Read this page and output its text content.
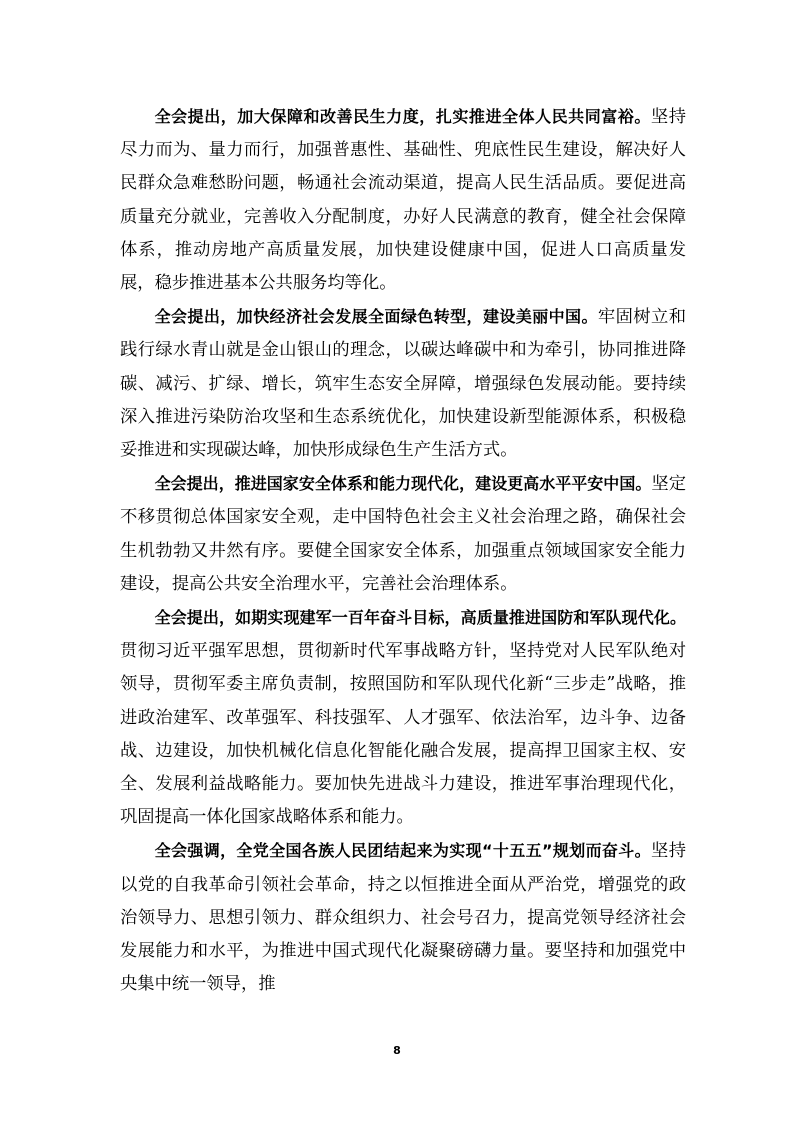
全会提出，加大保障和改善民生力度，扎实推进全体人民共同富裕。坚持尽力而为、量力而行，加强普惠性、基础性、兜底性民生建设，解决好人民群众急难愁盼问题，畅通社会流动渠道，提高人民生活品质。要促进高质量充分就业，完善收入分配制度，办好人民满意的教育，健全社会保障体系，推动房地产高质量发展，加快建设健康中国，促进人口高质量发展，稳步推进基本公共服务均等化。

全会提出，加快经济社会发展全面绿色转型，建设美丽中国。牢固树立和践行绿水青山就是金山银山的理念，以碳达峰碳中和为牵引，协同推进降碳、减污、扩绿、增长，筑牢生态安全屏障，增强绿色发展动能。要持续深入推进污染防治攻坚和生态系统优化，加快建设新型能源体系，积极稳妥推进和实现碳达峰，加快形成绿色生产生活方式。

全会提出，推进国家安全体系和能力现代化，建设更高水平平安中国。坚定不移贯彻总体国家安全观，走中国特色社会主义社会治理之路，确保社会生机勃勃又井然有序。要健全国家安全体系，加强重点领域国家安全能力建设，提高公共安全治理水平，完善社会治理体系。

全会提出，如期实现建军一百年奋斗目标，高质量推进国防和军队现代化。贯彻习近平强军思想，贯彻新时代军事战略方针，坚持党对人民军队绝对领导，贯彻军委主席负责制，按照国防和军队现代化新“三步走”战略，推进政治建军、改革强军、科技强军、人才强军、依法治军，边斗争、边备战、边建设，加快机械化信息化智能化融合发展，提高捍卫国家主权、安全、发展利益战略能力。要加快先进战斗力建设，推进军事治理现代化，巩固提高一体化国家战略体系和能力。

全会强调，全党全国各族人民团结起来为实现“十五五”规划而奋斗。坚持以党的自我革命引领社会革命，持之以恒推进全面从严治党，增强党的政治领导力、思想引领力、群众组织力、社会号召力，提高党领导经济社会发展能力和水平，为推进中国式现代化凝聚磅礴力量。要坚持和加强党中央集中统一领导，推

8
